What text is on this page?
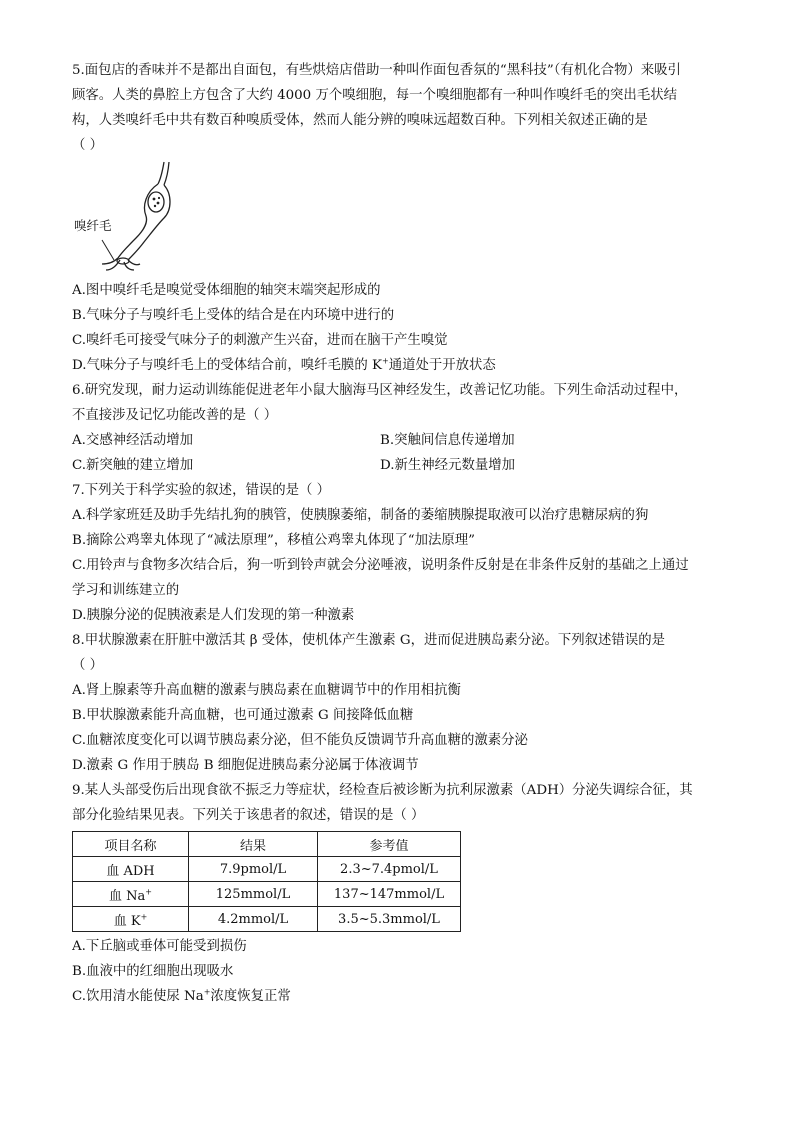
5.面包店的香味并不是都出自面包，有些烘焙店借助一种叫作面包香氛的“黑科技”（有机化合物）来吸引
顾客。人类的鼻腔上方包含了大约 4000 万个嗅细胞，每一个嗅细胞都有一种叫作嗅纤毛的突出毛状结
构，人类嗅纤毛中共有数百种嗅质受体，然而人能分辨的嗅味远超数百种。下列相关叙述正确的是
（ ）
嗅纤毛
A.图中嗅纤毛是嗅觉受体细胞的轴突末端突起形成的
B.气味分子与嗅纤毛上受体的结合是在内环境中进行的
C.嗅纤毛可接受气味分子的刺激产生兴奋，进而在脑干产生嗅觉
D.气味分子与嗅纤毛上的受体结合前，嗅纤毛膜的 K+通道处于开放状态
6.研究发现，耐力运动训练能促进老年小鼠大脑海马区神经发生，改善记忆功能。下列生命活动过程中，
不直接涉及记忆功能改善的是（ ）
A.交感神经活动增加	B.突触间信息传递增加
C.新突触的建立增加	D.新生神经元数量增加
7.下列关于科学实验的叙述，错误的是（ ）
A.科学家班廷及助手先结扎狗的胰管，使胰腺萎缩，制备的萎缩胰腺提取液可以治疗患糖尿病的狗
B.摘除公鸡睾丸体现了“减法原理”，移植公鸡睾丸体现了“加法原理”
C.用铃声与食物多次结合后，狗一听到铃声就会分泌唾液，说明条件反射是在非条件反射的基础之上通过
学习和训练建立的
D.胰腺分泌的促胰液素是人们发现的第一种激素
8.甲状腺激素在肝脏中激活其 β 受体，使机体产生激素 G，进而促进胰岛素分泌。下列叙述错误的是
（ ）
A.肾上腺素等升高血糖的激素与胰岛素在血糖调节中的作用相抗衡
B.甲状腺激素能升高血糖，也可通过激素 G 间接降低血糖
C.血糖浓度变化可以调节胰岛素分泌，但不能负反馈调节升高血糖的激素分泌
D.激素 G 作用于胰岛 B 细胞促进胰岛素分泌属于体液调节
9.某人头部受伤后出现食欲不振乏力等症状，经检查后被诊断为抗利尿激素（ADH）分泌失调综合征，其
部分化验结果见表。下列关于该患者的叙述，错误的是（ ）
项目名称	结果	参考值
血 ADH	7.9pmol/L	2.3~7.4pmol/L
血 Na+	125mmol/L	137~147mmol/L
血 K+	4.2mmol/L	3.5~5.3mmol/L
A.下丘脑或垂体可能受到损伤
B.血液中的红细胞出现吸水
C.饮用清水能使尿 Na+浓度恢复正常
